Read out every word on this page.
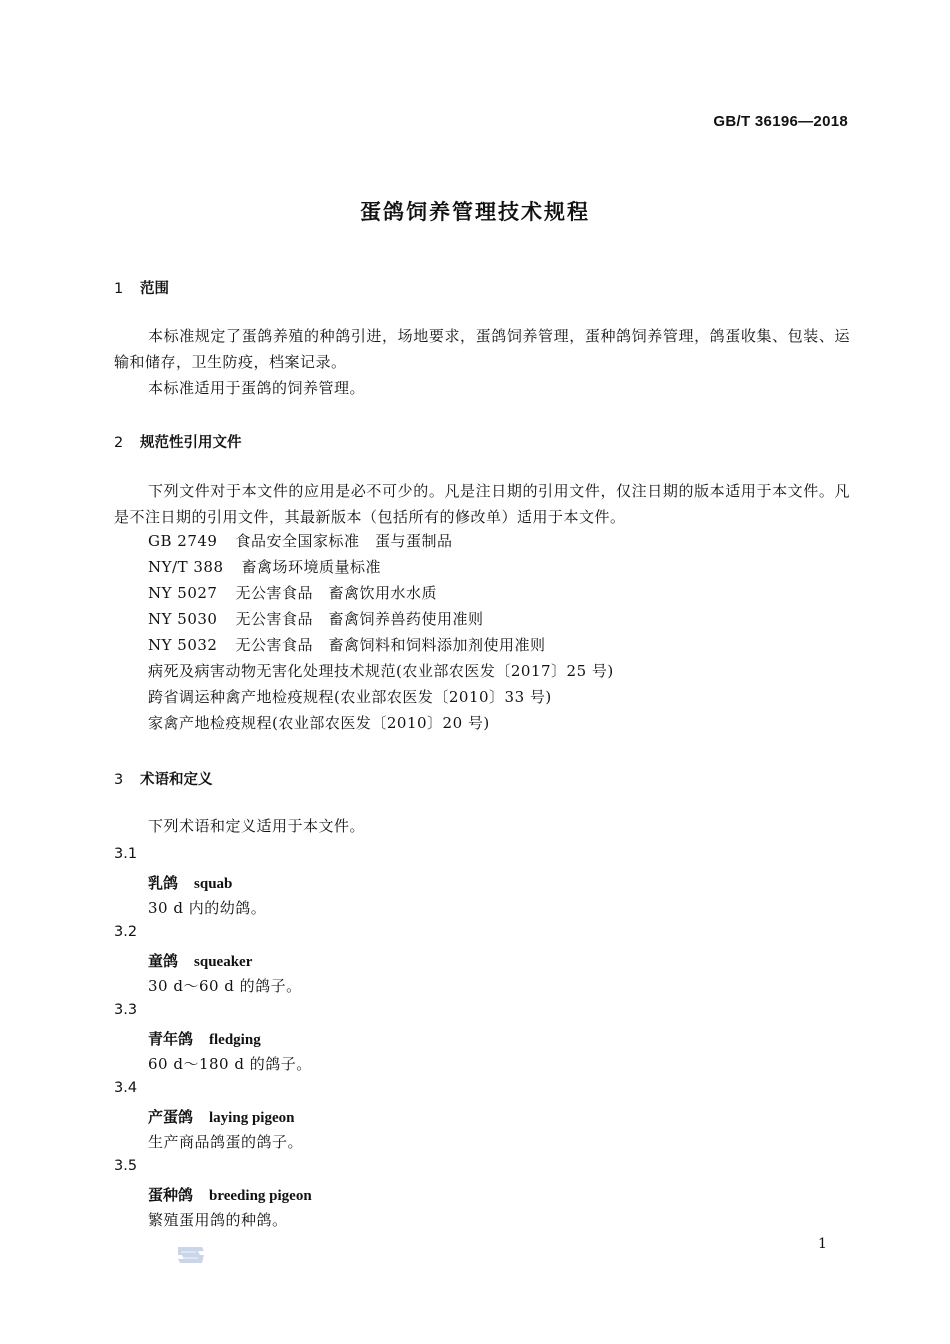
GB/T 36196—2018
蛋鸽饲养管理技术规程
1 范围
本标准规定了蛋鸽养殖的种鸽引进，场地要求，蛋鸽饲养管理，蛋种鸽饲养管理，鸽蛋收集、包装、运输和储存，卫生防疫，档案记录。
本标准适用于蛋鸽的饲养管理。
2 规范性引用文件
下列文件对于本文件的应用是必不可少的。凡是注日期的引用文件，仅注日期的版本适用于本文件。凡是不注日期的引用文件，其最新版本（包括所有的修改单）适用于本文件。
GB 2749 食品安全国家标准　蛋与蛋制品
NY/T 388 畜禽场环境质量标准
NY 5027 无公害食品　畜禽饮用水水质
NY 5030 无公害食品　畜禽饲养兽药使用准则
NY 5032 无公害食品　畜禽饲料和饲料添加剂使用准则
病死及病害动物无害化处理技术规范(农业部农医发〔2017〕25 号)
跨省调运种禽产地检疫规程(农业部农医发〔2010〕33 号)
家禽产地检疫规程(农业部农医发〔2010〕20 号)
3 术语和定义
下列术语和定义适用于本文件。
3.1
乳鸽 squab
30 d 内的幼鸽。
3.2
童鸽 squeaker
30 d～60 d 的鸽子。
3.3
青年鸽 fledging
60 d～180 d 的鸽子。
3.4
产蛋鸽 laying pigeon
生产商品鸽蛋的鸽子。
3.5
蛋种鸽 breeding pigeon
繁殖蛋用鸽的种鸽。
1
